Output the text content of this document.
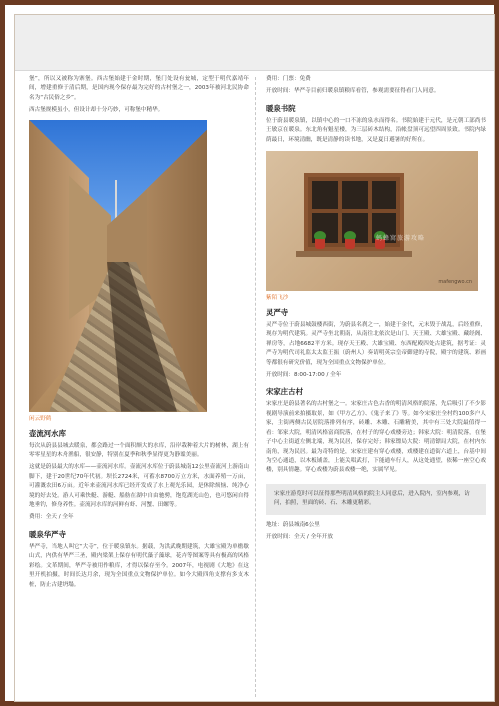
堡”，所以又被称为寨堡。西古堡始建于金时期，堡门处设有瓮城，定型于明代嘉靖年间，增建重修于清后期，是国内现今保存最为完好的古村堡之一，2003年被河北民协命名为“古民俗之乡”。

西古堡规模虽小，但设计却十分巧妙，可称堡中精华。

闲云野鹤
壶流河水库

每次从蔚县县城去暖泉，都会路过一个面积颇大的水库，沿岸栽种着大片的树林，湖上有零零星星的木舟渔船，很安静，特别在夏季和秋季显得更为静谧美丽。

这就是蔚县最大的水库——壶流河水库。壶流河水库位于蔚县城南12公里壶流河上游南山脚下，建于20世纪70年代初。坝长2724米，可蓄水8700万立方米，水面养殖一万亩，可灌溉农田6万亩。近年来壶流河水库已经开发成了水上观光乐园，是休除烦恼、纯净心境的好去处。游人可乘快艇、游艇、船舫在湖中自由驰骋，饱览湖光山色，也可悠闲自得地垂钓，修身养性。壶流河水库的河鲜有虾、河蟹、田螺等。

费用：全天 / 全年

暖泉华严寺

华严寺，当地人叫它“大寺”，位于暖泉镇东。据载，为洪武晚期建筑，大雄宝殿为单檐歇山式，内供有华严三圣，殿内梁架上保存有明代藻子藻球，花卉等图案等具有极高的风格彩绘。文革期间，华严寺被用作粮库，才得以保存至今。2007年，电视剧《大地》在这里开机拍摄，时间长达月余，现为全国重点文物保护单位。如今大殿四角支撑有多支木桩，防止古建坍塌。

费用：门票：免费

开放时间：华严寺目前归暖泉镇粮库看管，参观需要征得看门人同意。

暖泉书院

位于蔚县暖泉镇，以镇中心的一口不冻的泉水而得名。书院始建于元代，是元朝工部尚书王敏京在暖泉。东北角有魁星楼，为三层砖木结构，沿帐盘顶可远望四周景致。书院内绿荫最日，环境清幽，既是清静的读书地，又是夏日避暑的好所在。

蚂蜂窝旅游攻略
mafengwo.cn
紫陌飞沙
灵严寺

灵严寺位于蔚县城鼓楼西街，为蔚县名刹之一，始建于金代，元末毁于战乱，后经重修，现存为明代建筑。灵严寺坐北朝南，从南往北依次是山门、天王殿、大雄宝殿、藏经阁、禅房等，占地6682平方米。现存天王殿、大雄宝殿、东西配殿四处古建筑，据考证：灵严寺为明代司礼监太太监王振（蔚州人）奏请明英宗皇帝御建的寺院，殿宇的建筑、彩画等都很有研究价值，现为全国重点文物保护单位。

开放时间：8:00-17:00 / 全年

宋家庄古村

宋家庄是蔚县著名的古村堡之一。宋家庄古色古香的明清风格的院落，先后吸引了不少影视剧导演前来拍摄取景，如《甲方乙方》、《鬼子来了》等。如今宋家庄全村约100多户人家，主街两侧古民居院落排列有序，砖雕、木雕、石雕精美，其中有三处大院最值得一看：邹家大院，明清风格富商院落，在村子的穿心戏楼旁边；韩家大院：明清院落，在堡子中心主街道左侧北端，现为民居，保存完好；韩家镖局大院：明清镖局大院，在村内东南角，现为民居。最为奇特的是，宋家庄建有穿心戏楼，戏楼建在道街六道上，台基中间为空心通道，以木板铺盖，上能关唱武打，下能通车行人，从这处通望，依稀一座空心戏楼，别具情趣。穿心戏楼为蔚县戏楼一绝，实属罕见。

宋家庄游览时可以征得那些明清风格的院主人同意后，进入院内，室内参观，访问，拍照，里面的砖、石、木雕更精彩。

地址：蔚县城南6公里

开放时间：全天 / 全年开放
